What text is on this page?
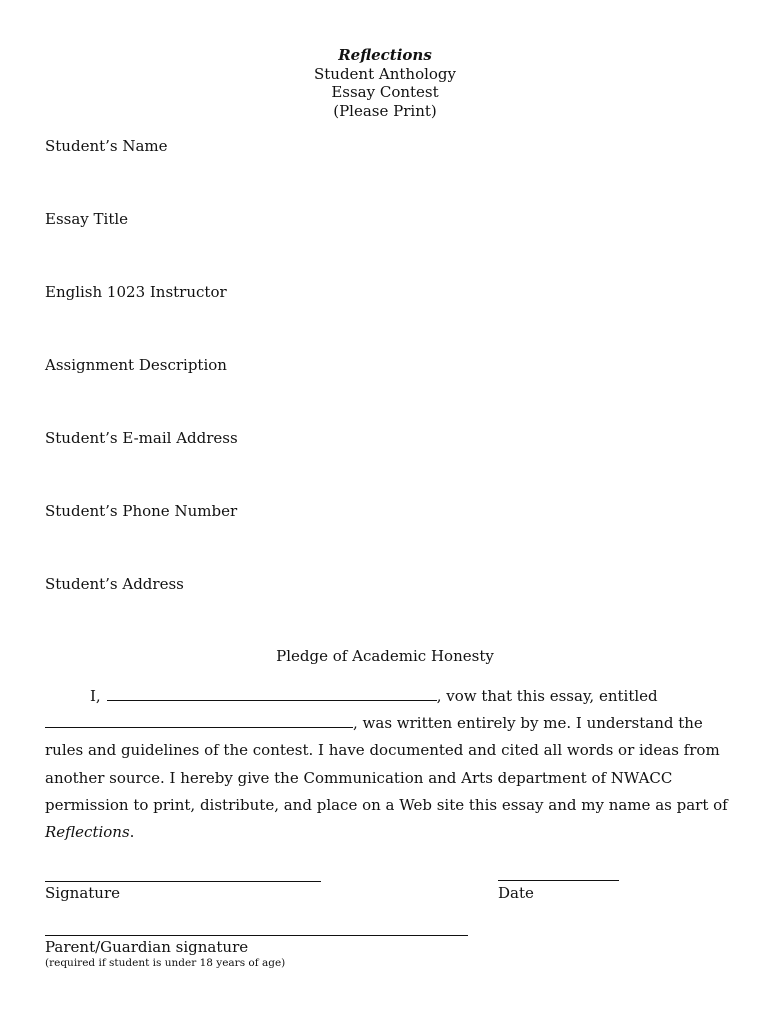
Reflections
Student Anthology
Essay Contest
(Please Print)
Student’s Name
Essay Title
English 1023 Instructor
Assignment Description
Student’s E-mail Address
Student’s Phone Number
Student’s Address
Pledge of Academic Honesty
I,	, vow that this essay, entitled
, was written entirely by me. I understand the rules and guidelines of the contest. I have documented and cited all words or ideas from another source. I hereby give the Communication and Arts department of NWACC permission to print, distribute, and place on a Web site this essay and my name as part of
Reflections.
Signature	Date
Parent/Guardian signature
(required if student is under 18 years of age)
